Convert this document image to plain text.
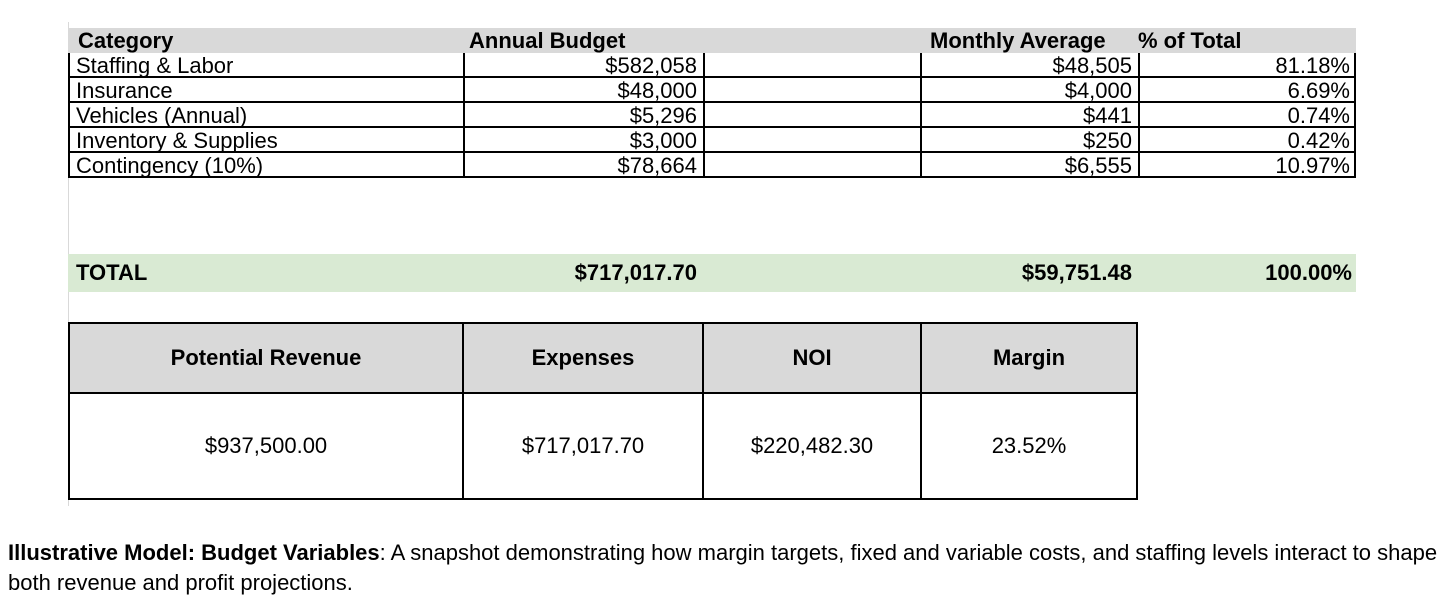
Category	Annual Budget	Monthly Average	% of Total
Staffing & Labor	$582,058	$48,505	81.18%
Insurance	$48,000	$4,000	6.69%
Vehicles (Annual)	$5,296	$441	0.74%
Inventory & Supplies	$3,000	$250	0.42%
Contingency (10%)	$78,664	$6,555	10.97%
TOTAL	$717,017.70	$59,751.48	100.00%
Potential Revenue	Expenses	NOI	Margin
$937,500.00	$717,017.70	$220,482.30	23.52%
Illustrative Model: Budget Variables: A snapshot demonstrating how margin targets, fixed and variable costs, and staffing levels interact to shape both revenue and profit projections.
